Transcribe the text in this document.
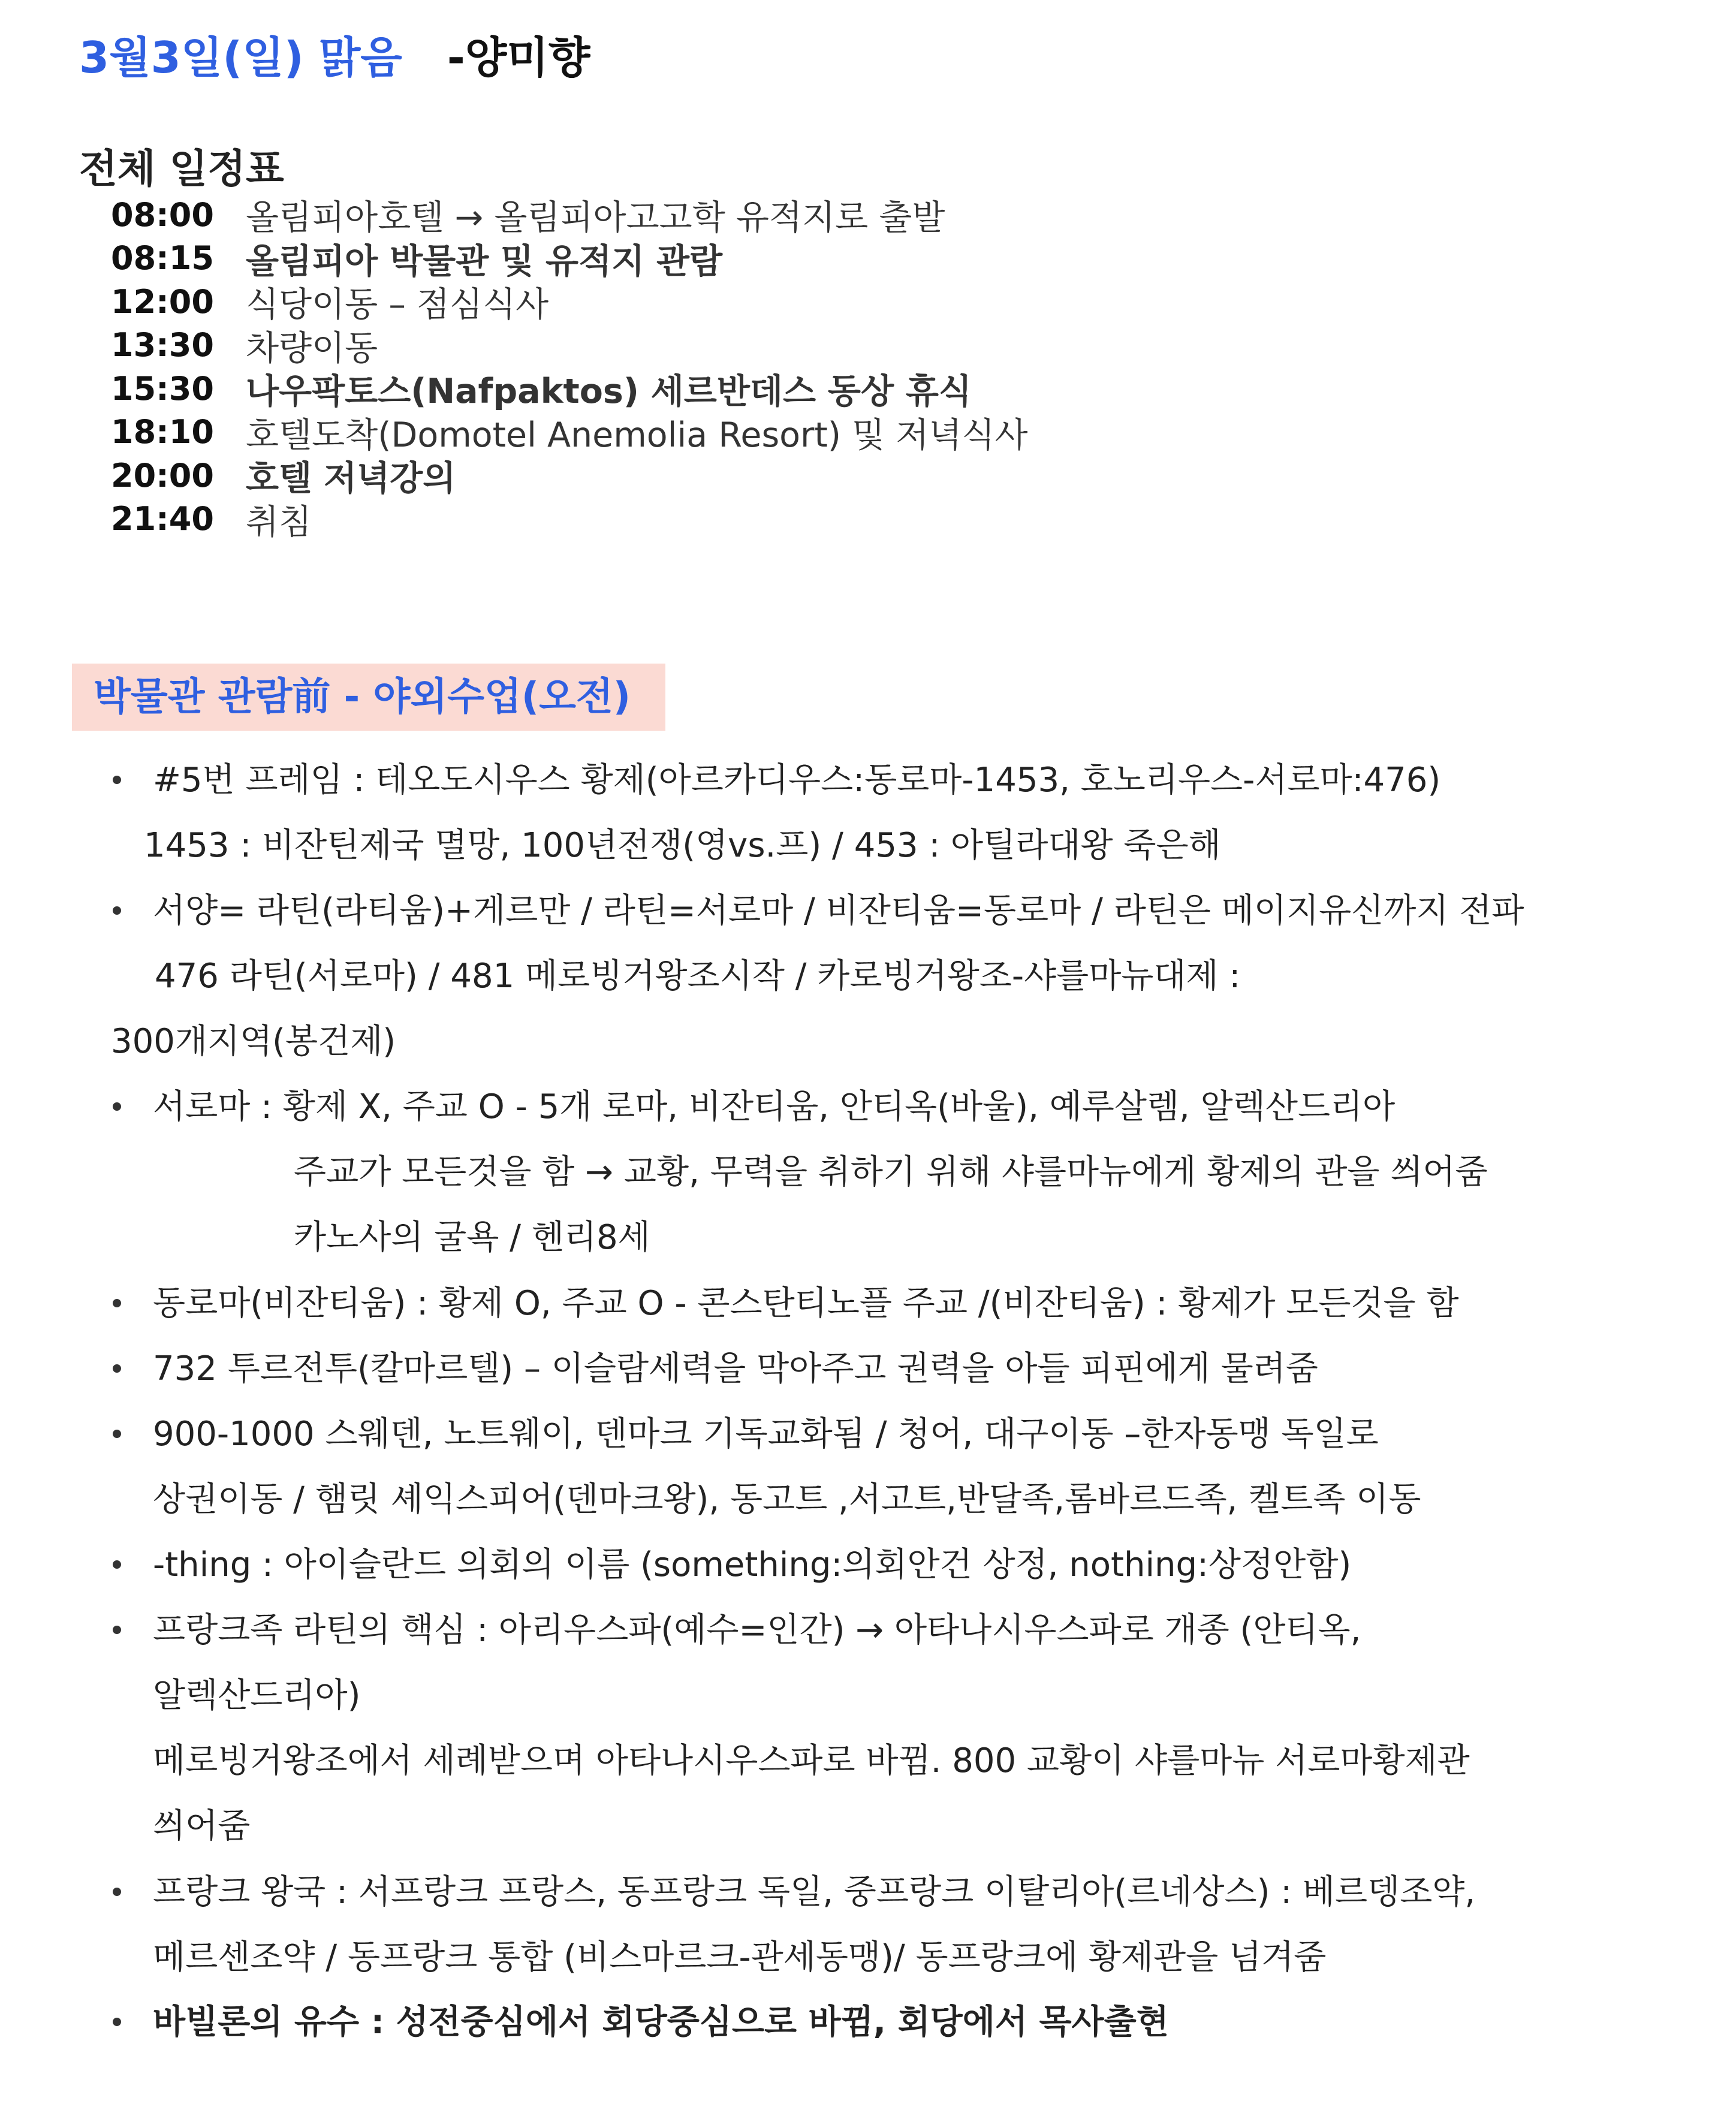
3월3일(일) 맑음 -양미향
전체 일정표
08:00 올림피아호텔 → 올림피아고고학 유적지로 출발
08:15 올림피아 박물관 및 유적지 관람
12:00 식당이동 – 점심식사
13:30 차량이동
15:30 나우팍토스(Nafpaktos) 세르반데스 동상 휴식
18:10 호텔도착(Domotel Anemolia Resort) 및 저녁식사
20:00 호텔 저녁강의
21:40 취침
박물관 관람前 - 야외수업(오전)
#5번 프레임 : 테오도시우스 황제(아르카디우스:동로마-1453, 호노리우스-서로마:476)
1453 : 비잔틴제국 멸망, 100년전쟁(영vs.프) / 453 : 아틸라대왕 죽은해
서양= 라틴(라티움)+게르만 / 라틴=서로마 / 비잔티움=동로마 / 라틴은 메이지유신까지 전파
476 라틴(서로마) / 481 메로빙거왕조시작 / 카로빙거왕조-샤를마뉴대제 :
300개지역(봉건제)
서로마 : 황제 X, 주교 O - 5개 로마, 비잔티움, 안티옥(바울), 예루살렘, 알렉산드리아
주교가 모든것을 함 → 교황, 무력을 취하기 위해 샤를마뉴에게 황제의 관을 씌어줌
카노사의 굴욕 / 헨리8세
동로마(비잔티움) : 황제 O, 주교 O - 콘스탄티노플 주교 /(비잔티움) : 황제가 모든것을 함
732 투르전투(칼마르텔) – 이슬람세력을 막아주고 권력을 아들 피핀에게 물려줌
900-1000 스웨덴, 노트웨이, 덴마크 기독교화됨 / 청어, 대구이동 –한자동맹 독일로
상권이동 / 햄릿 셰익스피어(덴마크왕), 동고트 ,서고트,반달족,롬바르드족, 켈트족 이동
-thing : 아이슬란드 의회의 이름 (something:의회안건 상정, nothing:상정안함)
프랑크족 라틴의 핵심 : 아리우스파(예수=인간) → 아타나시우스파로 개종 (안티옥,
알렉산드리아)
메로빙거왕조에서 세례받으며 아타나시우스파로 바뀜. 800 교황이 샤를마뉴 서로마황제관
씌어줌
프랑크 왕국 : 서프랑크 프랑스, 동프랑크 독일, 중프랑크 이탈리아(르네상스) : 베르뎅조약,
메르센조약 / 동프랑크 통합 (비스마르크-관세동맹)/ 동프랑크에 황제관을 넘겨줌
바빌론의 유수 : 성전중심에서 회당중심으로 바뀜, 회당에서 목사출현
